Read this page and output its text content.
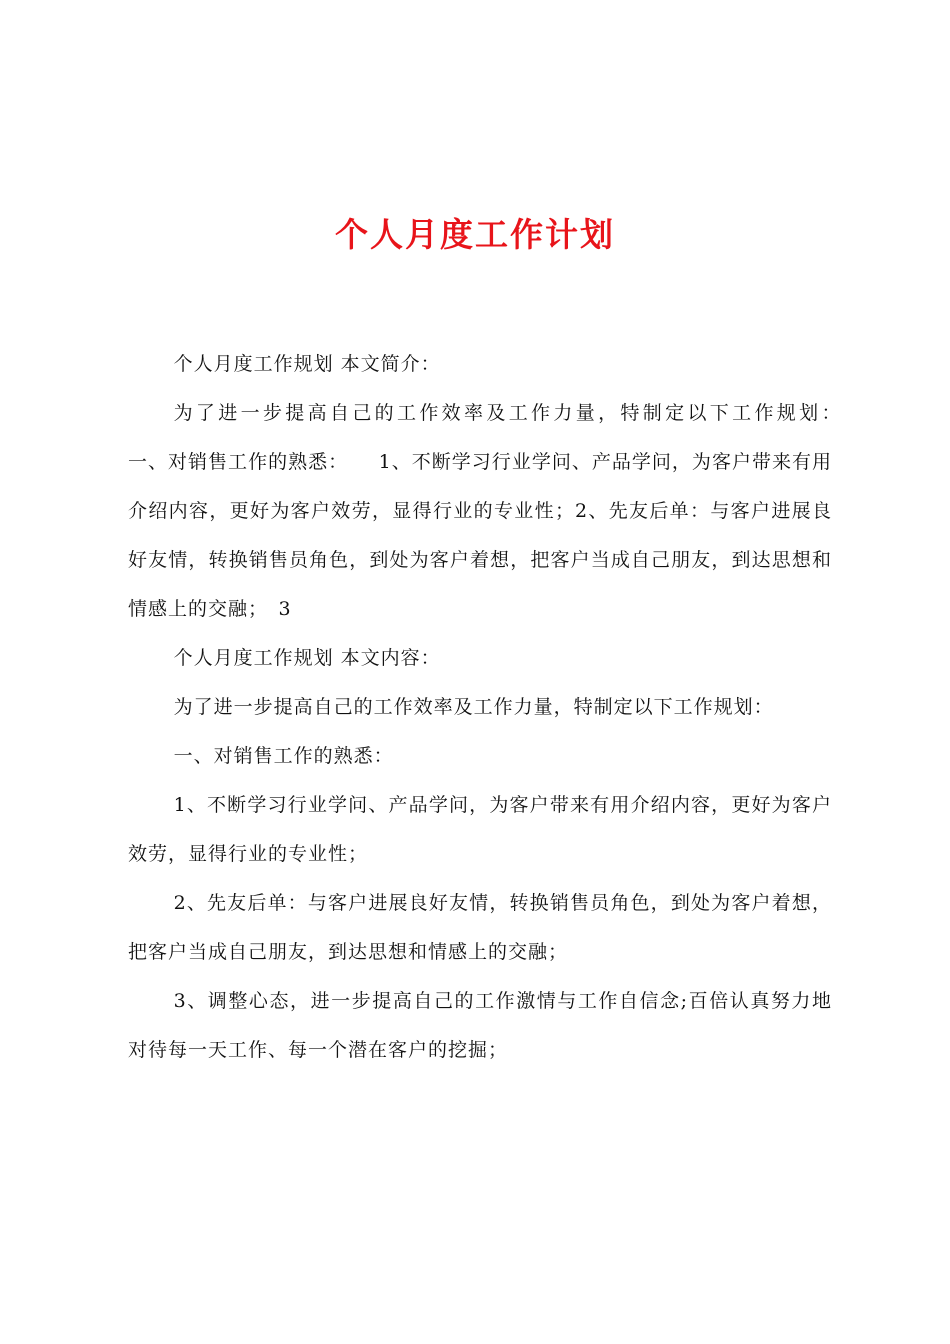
个人月度工作计划

个人月度工作规划 本文简介：

为了进一步提高自己的工作效率及工作力量，特制定以下工作规划：　　一、对销售工作的熟悉：　　1、不断学习行业学问、产品学问，为客户带来有用介绍内容，更好为客户效劳，显得行业的专业性；2、先友后单：与客户进展良好友情，转换销售员角色，到处为客户着想，把客户当成自己朋友，到达思想和情感上的交融；　3

个人月度工作规划 本文内容：

为了进一步提高自己的工作效率及工作力量，特制定以下工作规划：

一、对销售工作的熟悉：

1、不断学习行业学问、产品学问，为客户带来有用介绍内容，更好为客户效劳，显得行业的专业性；

2、先友后单：与客户进展良好友情，转换销售员角色，到处为客户着想，把客户当成自己朋友，到达思想和情感上的交融；

3、调整心态，进一步提高自己的工作激情与工作自信念;百倍认真努力地对待每一天工作、每一个潜在客户的挖掘；
